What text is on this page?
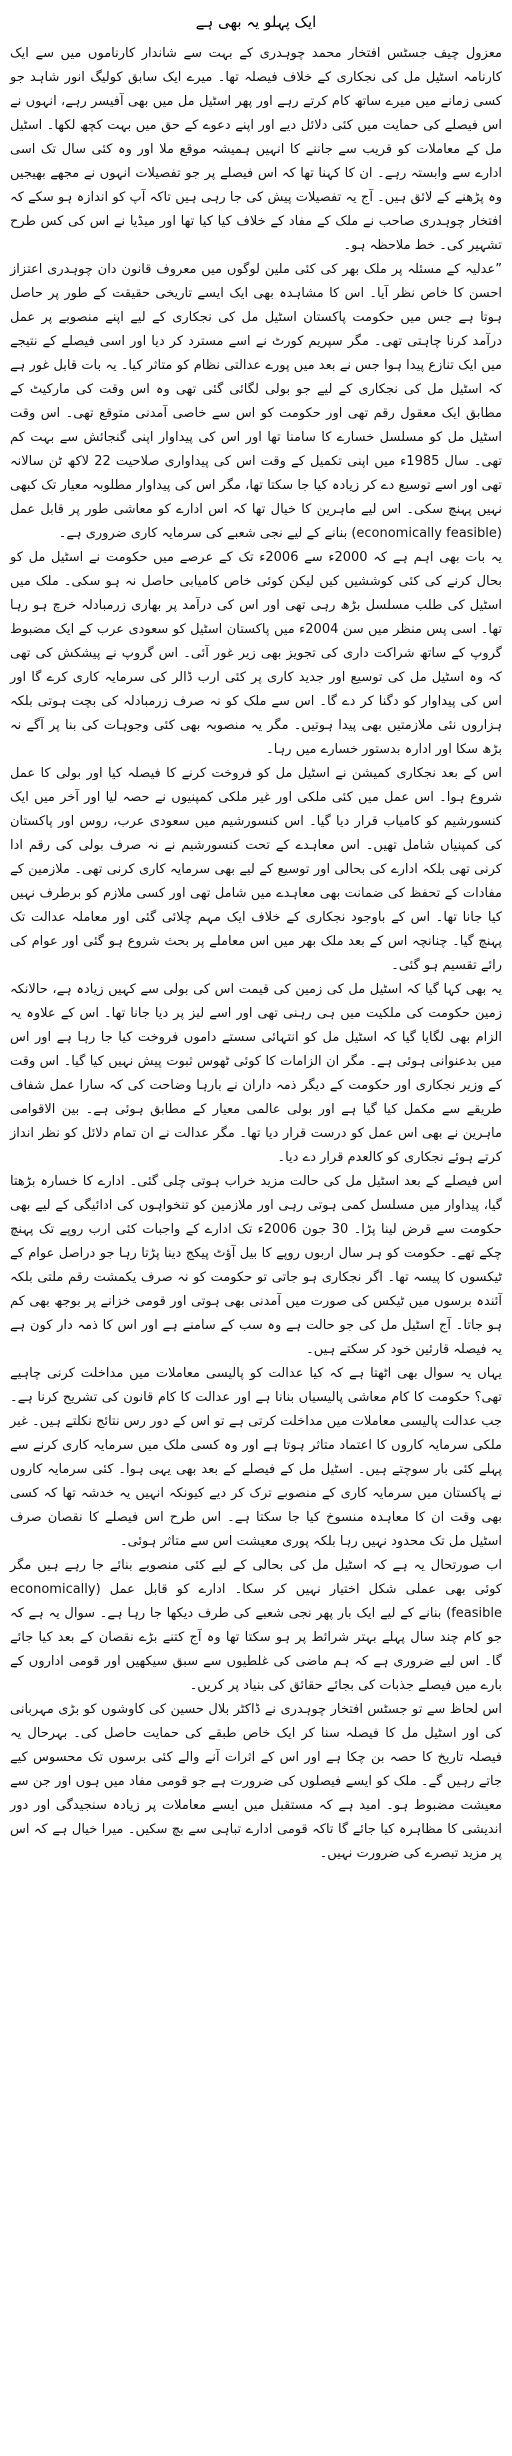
ایک پہلو یہ بھی ہے

معزول چیف جسٹس افتخار محمد چوہدری کے بہت سے شاندار کارناموں میں سے ایک کارنامہ اسٹیل مل کی نجکاری کے خلاف فیصلہ تھا۔ میرے ایک سابق کولیگ انور شاہد جو کسی زمانے میں میرے ساتھ کام کرتے رہے اور پھر اسٹیل مل میں بھی آفیسر رہے، انہوں نے اس فیصلے کی حمایت میں کئی دلائل دیے اور اپنے دعوے کے حق میں بہت کچھ لکھا۔ اسٹیل مل کے معاملات کو قریب سے جاننے کا انہیں ہمیشہ موقع ملا اور وہ کئی سال تک اسی ادارے سے وابستہ رہے۔ ان کا کہنا تھا کہ اس فیصلے پر جو تفصیلات انہوں نے مجھے بھیجیں وہ پڑھنے کے لائق ہیں۔ آج یہ تفصیلات پیش کی جا رہی ہیں تاکہ آپ کو اندازہ ہو سکے کہ افتخار چوہدری صاحب نے ملک کے مفاد کے خلاف کیا کیا تھا اور میڈیا نے اس کی کس طرح تشہیر کی۔ خط ملاحظہ ہو۔

”عدلیہ کے مسئلہ پر ملک بھر کی کئی ملین لوگوں میں معروف قانون دان چوہدری اعتزاز احسن کا خاص نظر آیا۔ اس کا مشاہدہ بھی ایک ایسے تاریخی حقیقت کے طور پر حاصل ہوتا ہے جس میں حکومت پاکستان اسٹیل مل کی نجکاری کے لیے اپنے منصوبے پر عمل درآمد کرنا چاہتی تھی۔ مگر سپریم کورٹ نے اسے مسترد کر دیا اور اسی فیصلے کے نتیجے میں ایک تنازع پیدا ہوا جس نے بعد میں پورے عدالتی نظام کو متاثر کیا۔ یہ بات قابل غور ہے کہ اسٹیل مل کی نجکاری کے لیے جو بولی لگائی گئی تھی وہ اس وقت کی مارکیٹ کے مطابق ایک معقول رقم تھی اور حکومت کو اس سے خاصی آمدنی متوقع تھی۔ اس وقت اسٹیل مل کو مسلسل خسارے کا سامنا تھا اور اس کی پیداوار اپنی گنجائش سے بہت کم تھی۔ سال 1985ء میں اپنی تکمیل کے وقت اس کی پیداواری صلاحیت 22 لاکھ ٹن سالانہ تھی اور اسے توسیع دے کر زیادہ کیا جا سکتا تھا، مگر اس کی پیداوار مطلوبہ معیار تک کبھی نہیں پہنچ سکی۔ اس لیے ماہرین کا خیال تھا کہ اس ادارے کو معاشی طور پر قابل عمل (economically feasible) بنانے کے لیے نجی شعبے کی سرمایہ کاری ضروری ہے۔

یہ بات بھی اہم ہے کہ 2000ء سے 2006ء تک کے عرصے میں حکومت نے اسٹیل مل کو بحال کرنے کی کئی کوششیں کیں لیکن کوئی خاص کامیابی حاصل نہ ہو سکی۔ ملک میں اسٹیل کی طلب مسلسل بڑھ رہی تھی اور اس کی درآمد پر بھاری زرمبادلہ خرچ ہو رہا تھا۔ اسی پس منظر میں سن 2004ء میں پاکستان اسٹیل کو سعودی عرب کے ایک مضبوط گروپ کے ساتھ شراکت داری کی تجویز بھی زیر غور آئی۔ اس گروپ نے پیشکش کی تھی کہ وہ اسٹیل مل کی توسیع اور جدید کاری پر کئی ارب ڈالر کی سرمایہ کاری کرے گا اور اس کی پیداوار کو دگنا کر دے گا۔ اس سے ملک کو نہ صرف زرمبادلہ کی بچت ہوتی بلکہ ہزاروں نئی ملازمتیں بھی پیدا ہوتیں۔ مگر یہ منصوبہ بھی کئی وجوہات کی بنا پر آگے نہ بڑھ سکا اور ادارہ بدستور خسارے میں رہا۔

اس کے بعد نجکاری کمیشن نے اسٹیل مل کو فروخت کرنے کا فیصلہ کیا اور بولی کا عمل شروع ہوا۔ اس عمل میں کئی ملکی اور غیر ملکی کمپنیوں نے حصہ لیا اور آخر میں ایک کنسورشیم کو کامیاب قرار دیا گیا۔ اس کنسورشیم میں سعودی عرب، روس اور پاکستان کی کمپنیاں شامل تھیں۔ اس معاہدے کے تحت کنسورشیم نے نہ صرف بولی کی رقم ادا کرنی تھی بلکہ ادارے کی بحالی اور توسیع کے لیے بھی سرمایہ کاری کرنی تھی۔ ملازمین کے مفادات کے تحفظ کی ضمانت بھی معاہدے میں شامل تھی اور کسی ملازم کو برطرف نہیں کیا جانا تھا۔ اس کے باوجود نجکاری کے خلاف ایک مہم چلائی گئی اور معاملہ عدالت تک پہنچ گیا۔ چنانچہ اس کے بعد ملک بھر میں اس معاملے پر بحث شروع ہو گئی اور عوام کی رائے تقسیم ہو گئی۔

یہ بھی کہا گیا کہ اسٹیل مل کی زمین کی قیمت اس کی بولی سے کہیں زیادہ ہے، حالانکہ زمین حکومت کی ملکیت میں ہی رہنی تھی اور اسے لیز پر دیا جانا تھا۔ اس کے علاوہ یہ الزام بھی لگایا گیا کہ اسٹیل مل کو انتہائی سستے داموں فروخت کیا جا رہا ہے اور اس میں بدعنوانی ہوئی ہے۔ مگر ان الزامات کا کوئی ٹھوس ثبوت پیش نہیں کیا گیا۔ اس وقت کے وزیر نجکاری اور حکومت کے دیگر ذمہ داران نے بارہا وضاحت کی کہ سارا عمل شفاف طریقے سے مکمل کیا گیا ہے اور بولی عالمی معیار کے مطابق ہوئی ہے۔ بین الاقوامی ماہرین نے بھی اس عمل کو درست قرار دیا تھا۔ مگر عدالت نے ان تمام دلائل کو نظر انداز کرتے ہوئے نجکاری کو کالعدم قرار دے دیا۔

اس فیصلے کے بعد اسٹیل مل کی حالت مزید خراب ہوتی چلی گئی۔ ادارے کا خسارہ بڑھتا گیا، پیداوار میں مسلسل کمی ہوتی رہی اور ملازمین کو تنخواہوں کی ادائیگی کے لیے بھی حکومت سے قرض لینا پڑا۔ 30 جون 2006ء تک ادارے کے واجبات کئی ارب روپے تک پہنچ چکے تھے۔ حکومت کو ہر سال اربوں روپے کا بیل آؤٹ پیکج دینا پڑتا رہا جو دراصل عوام کے ٹیکسوں کا پیسہ تھا۔ اگر نجکاری ہو جاتی تو حکومت کو نہ صرف یکمشت رقم ملتی بلکہ آئندہ برسوں میں ٹیکس کی صورت میں آمدنی بھی ہوتی اور قومی خزانے پر بوجھ بھی کم ہو جاتا۔ آج اسٹیل مل کی جو حالت ہے وہ سب کے سامنے ہے اور اس کا ذمہ دار کون ہے یہ فیصلہ قارئین خود کر سکتے ہیں۔

یہاں یہ سوال بھی اٹھتا ہے کہ کیا عدالت کو پالیسی معاملات میں مداخلت کرنی چاہیے تھی؟ حکومت کا کام معاشی پالیسیاں بنانا ہے اور عدالت کا کام قانون کی تشریح کرنا ہے۔ جب عدالت پالیسی معاملات میں مداخلت کرتی ہے تو اس کے دور رس نتائج نکلتے ہیں۔ غیر ملکی سرمایہ کاروں کا اعتماد متاثر ہوتا ہے اور وہ کسی ملک میں سرمایہ کاری کرنے سے پہلے کئی بار سوچتے ہیں۔ اسٹیل مل کے فیصلے کے بعد بھی یہی ہوا۔ کئی سرمایہ کاروں نے پاکستان میں سرمایہ کاری کے منصوبے ترک کر دیے کیونکہ انہیں یہ خدشہ تھا کہ کسی بھی وقت ان کا معاہدہ منسوخ کیا جا سکتا ہے۔ اس طرح اس فیصلے کا نقصان صرف اسٹیل مل تک محدود نہیں رہا بلکہ پوری معیشت اس سے متاثر ہوئی۔

اب صورتحال یہ ہے کہ اسٹیل مل کی بحالی کے لیے کئی منصوبے بنائے جا رہے ہیں مگر کوئی بھی عملی شکل اختیار نہیں کر سکا۔ ادارے کو قابل عمل (economically feasible) بنانے کے لیے ایک بار پھر نجی شعبے کی طرف دیکھا جا رہا ہے۔ سوال یہ ہے کہ جو کام چند سال پہلے بہتر شرائط پر ہو سکتا تھا وہ آج کتنے بڑے نقصان کے بعد کیا جائے گا۔ اس لیے ضروری ہے کہ ہم ماضی کی غلطیوں سے سبق سیکھیں اور قومی اداروں کے بارے میں فیصلے جذبات کی بجائے حقائق کی بنیاد پر کریں۔

اس لحاظ سے تو جسٹس افتخار چوہدری نے ڈاکٹر بلال حسین کی کاوشوں کو بڑی مہربانی کی اور اسٹیل مل کا فیصلہ سنا کر ایک خاص طبقے کی حمایت حاصل کی۔ بہرحال یہ فیصلہ تاریخ کا حصہ بن چکا ہے اور اس کے اثرات آنے والے کئی برسوں تک محسوس کیے جاتے رہیں گے۔ ملک کو ایسے فیصلوں کی ضرورت ہے جو قومی مفاد میں ہوں اور جن سے معیشت مضبوط ہو۔ امید ہے کہ مستقبل میں ایسے معاملات پر زیادہ سنجیدگی اور دور اندیشی کا مظاہرہ کیا جائے گا تاکہ قومی ادارے تباہی سے بچ سکیں۔ میرا خیال ہے کہ اس پر مزید تبصرے کی ضرورت نہیں۔
